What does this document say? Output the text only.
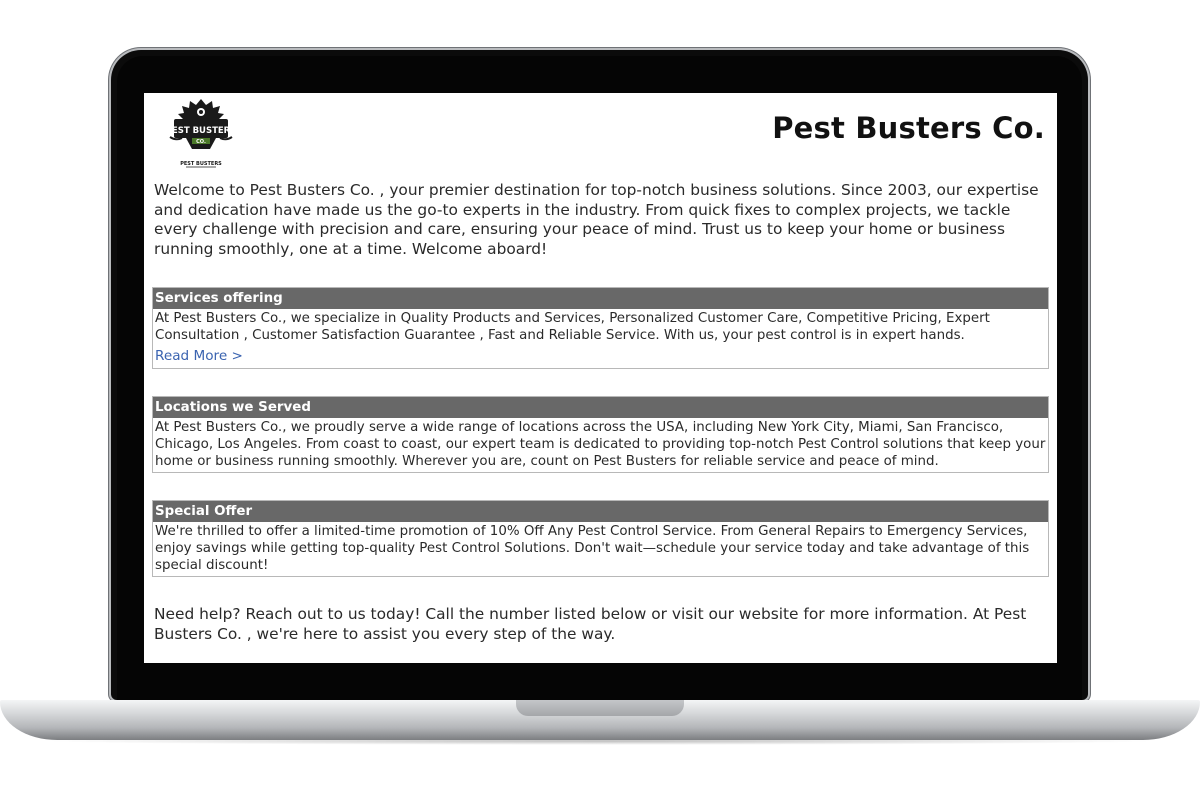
PEST BUSTERS
CO.
PEST BUSTERS
Pest Busters Co.

Welcome to Pest Busters Co. , your premier destination for top-notch business solutions. Since 2003, our expertise and dedication have made us the go-to experts in the industry. From quick fixes to complex projects, we tackle every challenge with precision and care, ensuring your peace of mind. Trust us to keep your home or business running smoothly, one at a time. Welcome aboard!

Services offering

At Pest Busters Co., we specialize in Quality Products and Services, Personalized Customer Care, Competitive Pricing, Expert Consultation , Customer Satisfaction Guarantee , Fast and Reliable Service. With us, your pest control is in expert hands.

Read More >
Locations we Served

At Pest Busters Co., we proudly serve a wide range of locations across the USA, including New York City, Miami, San Francisco, Chicago, Los Angeles. From coast to coast, our expert team is dedicated to providing top-notch Pest Control solutions that keep your home or business running smoothly. Wherever you are, count on Pest Busters for reliable service and peace of mind.

Special Offer

We're thrilled to offer a limited-time promotion of 10% Off Any Pest Control Service. From General Repairs to Emergency Services, enjoy savings while getting top-quality Pest Control Solutions. Don't wait—schedule your service today and take advantage of this special discount!

Need help? Reach out to us today! Call the number listed below or visit our website for more information. At Pest Busters Co. , we're here to assist you every step of the way.
